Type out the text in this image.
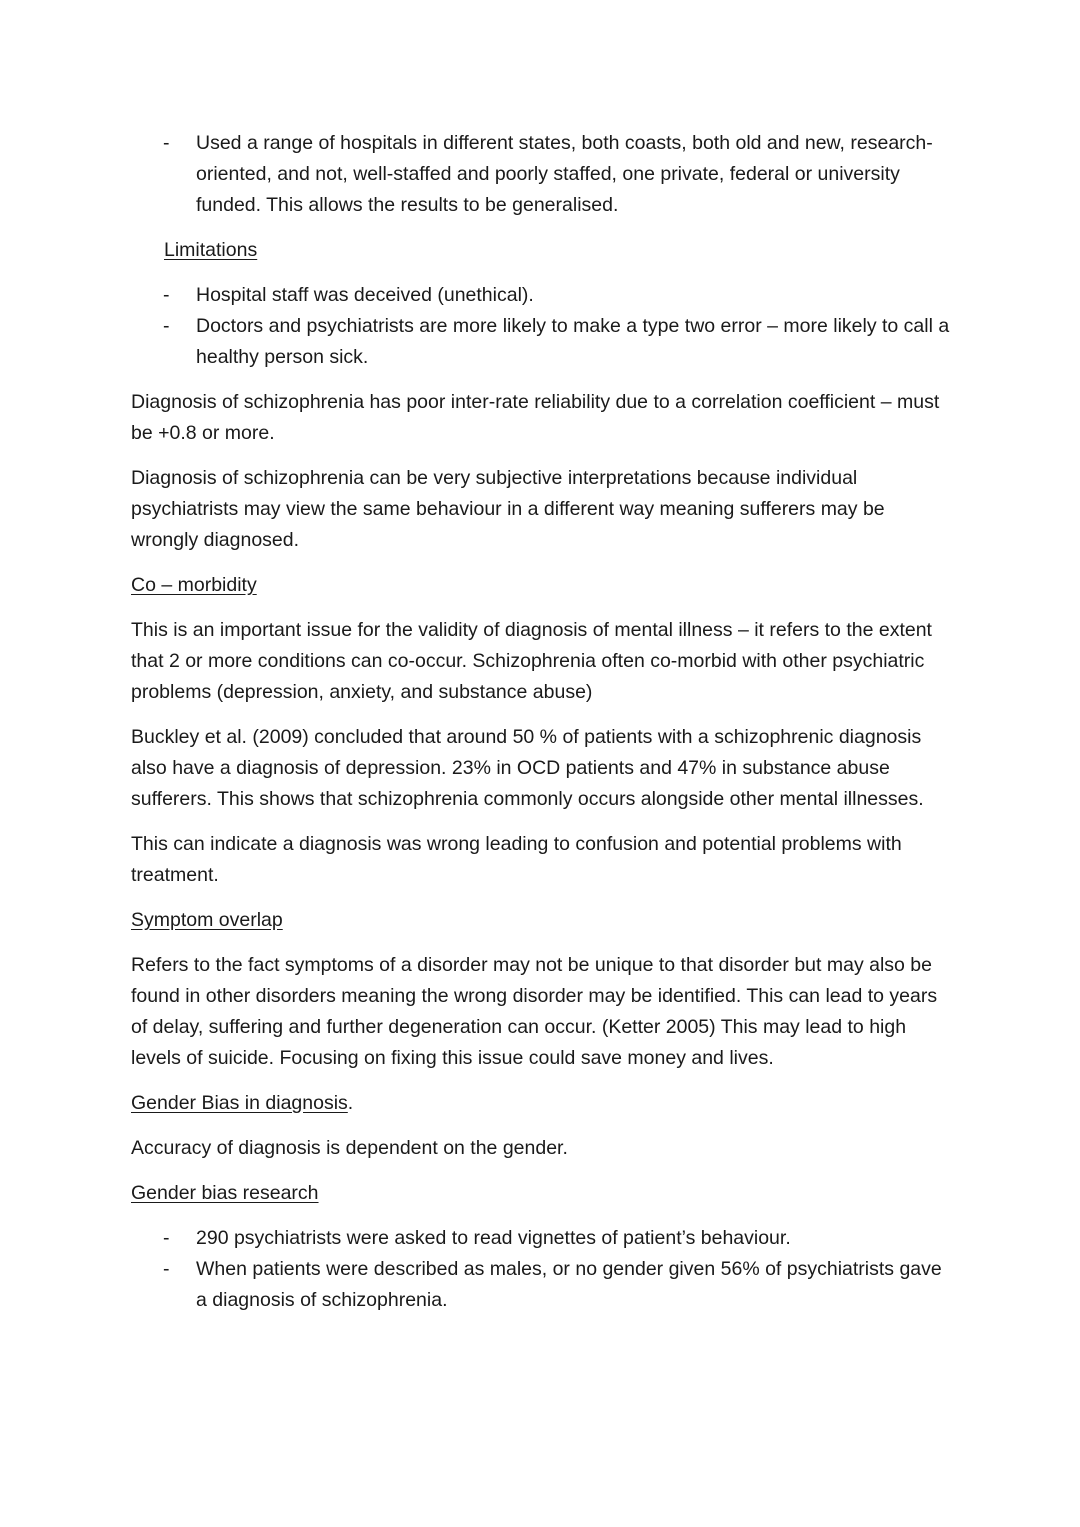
- Used a range of hospitals in different states, both coasts, both old and new, research-oriented, and not, well-staffed and poorly staffed, one private, federal or university funded. This allows the results to be generalised.
Limitations
- Hospital staff was deceived (unethical).
- Doctors and psychiatrists are more likely to make a type two error – more likely to call a healthy person sick.

Diagnosis of schizophrenia has poor inter-rate reliability due to a correlation coefficient – must be +0.8 or more.

Diagnosis of schizophrenia can be very subjective interpretations because individual psychiatrists may view the same behaviour in a different way meaning sufferers may be wrongly diagnosed.

Co – morbidity

This is an important issue for the validity of diagnosis of mental illness – it refers to the extent that 2 or more conditions can co-occur. Schizophrenia often co-morbid with other psychiatric problems (depression, anxiety, and substance abuse)

Buckley et al. (2009) concluded that around 50 % of patients with a schizophrenic diagnosis also have a diagnosis of depression. 23% in OCD patients and 47% in substance abuse sufferers. This shows that schizophrenia commonly occurs alongside other mental illnesses.

This can indicate a diagnosis was wrong leading to confusion and potential problems with treatment.

Symptom overlap

Refers to the fact symptoms of a disorder may not be unique to that disorder but may also be found in other disorders meaning the wrong disorder may be identified. This can lead to years of delay, suffering and further degeneration can occur. (Ketter 2005) This may lead to high levels of suicide. Focusing on fixing this issue could save money and lives.

Gender Bias in diagnosis.

Accuracy of diagnosis is dependent on the gender.

Gender bias research
- 290 psychiatrists were asked to read vignettes of patient’s behaviour.
- When patients were described as males, or no gender given 56% of psychiatrists gave a diagnosis of schizophrenia.
